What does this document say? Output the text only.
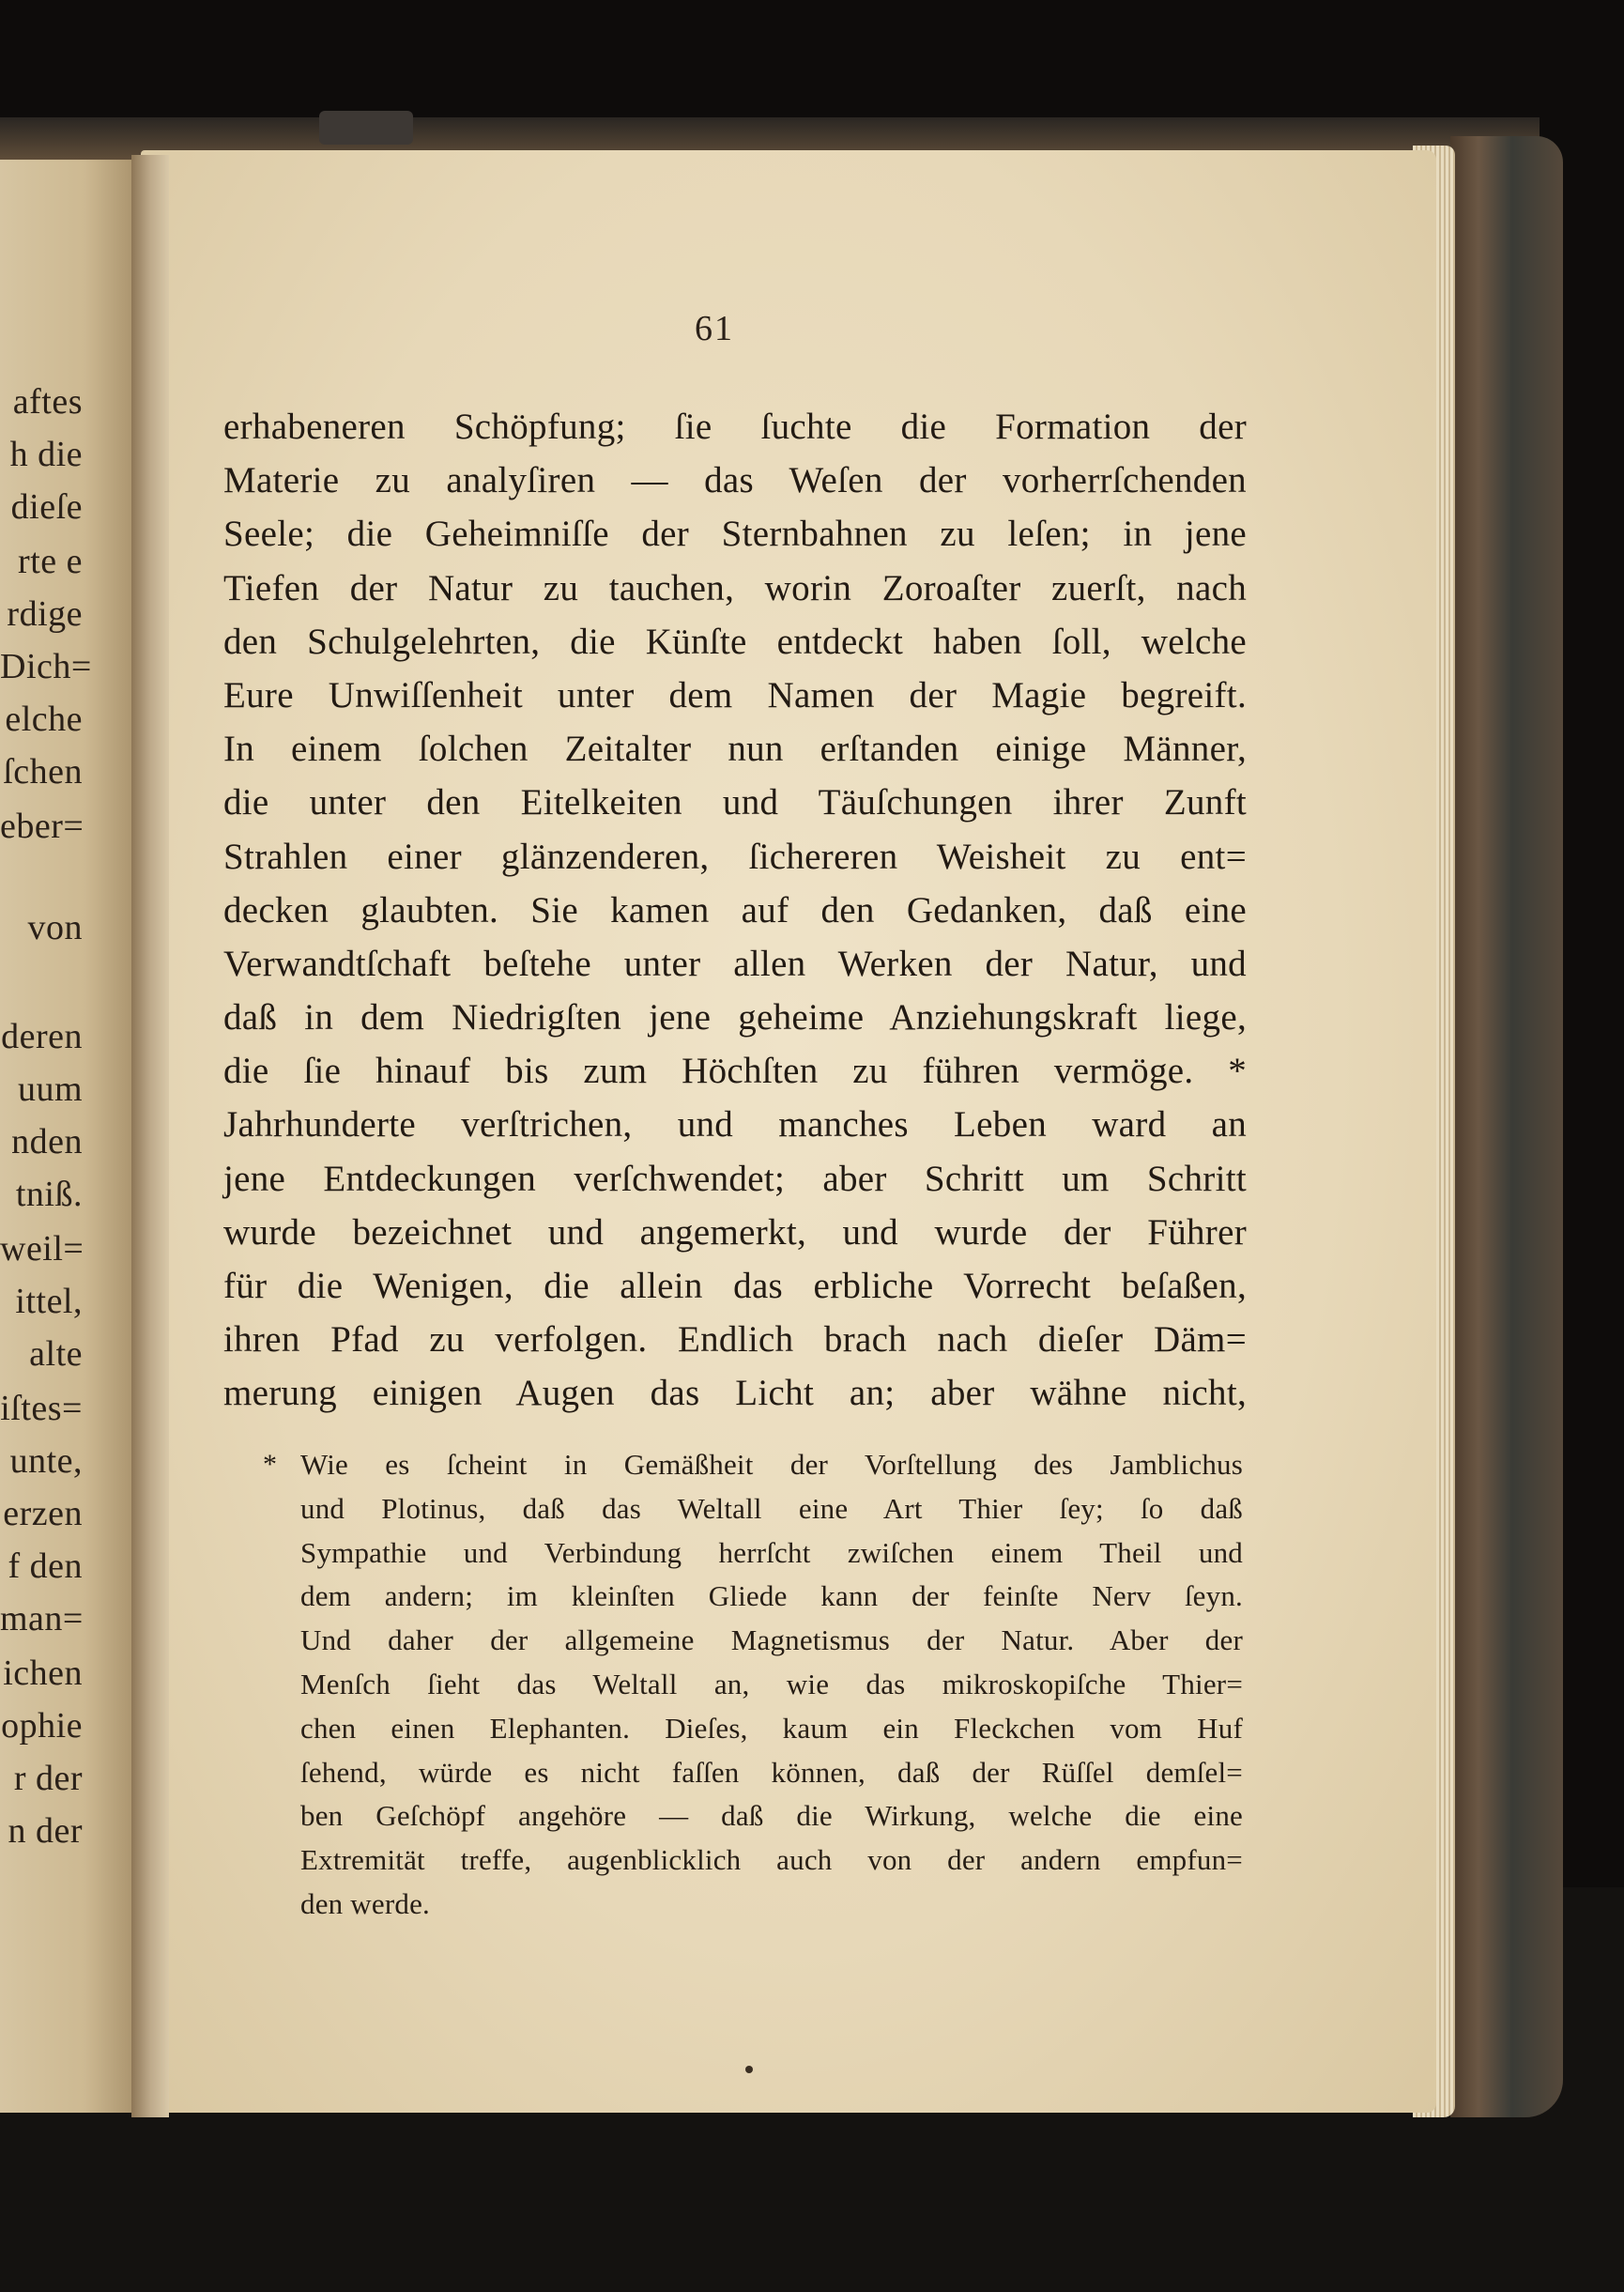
aftes
h die
dieſe
rte e
rdige
Dich=
elche
ſchen
eber=
von
deren
uum
nden
tniß.
weil=
ittel,
alte
iſtes=
unte,
erzen
f den
man=
ichen
ophie
r der
n der
61
erhabeneren Schöpfung; ſie ſuchte die Formation der
Materie zu analyſiren — das Weſen der vorherrſchenden
Seele; die Geheimniſſe der Sternbahnen zu leſen; in jene
Tiefen der Natur zu tauchen, worin Zoroaſter zuerſt, nach
den Schulgelehrten, die Künſte entdeckt haben ſoll, welche
Eure Unwiſſenheit unter dem Namen der Magie begreift.
In einem ſolchen Zeitalter nun erſtanden einige Männer,
die unter den Eitelkeiten und Täuſchungen ihrer Zunft
Strahlen einer glänzenderen, ſichereren Weisheit zu ent=
decken glaubten. Sie kamen auf den Gedanken, daß eine
Verwandtſchaft beſtehe unter allen Werken der Natur, und
daß in dem Niedrigſten jene geheime Anziehungskraft liege,
die ſie hinauf bis zum Höchſten zu führen vermöge. *
Jahrhunderte verſtrichen, und manches Leben ward an
jene Entdeckungen verſchwendet; aber Schritt um Schritt
wurde bezeichnet und angemerkt, und wurde der Führer
für die Wenigen, die allein das erbliche Vorrecht beſaßen,
ihren Pfad zu verfolgen. Endlich brach nach dieſer Däm=
merung einigen Augen das Licht an; aber wähne nicht,
* Wie es ſcheint in Gemäßheit der Vorſtellung des Jamblichus
und Plotinus, daß das Weltall eine Art Thier ſey; ſo daß
Sympathie und Verbindung herrſcht zwiſchen einem Theil und
dem andern; im kleinſten Gliede kann der feinſte Nerv ſeyn.
Und daher der allgemeine Magnetismus der Natur. Aber der
Menſch ſieht das Weltall an, wie das mikroskopiſche Thier=
chen einen Elephanten. Dieſes, kaum ein Fleckchen vom Huf
ſehend, würde es nicht faſſen können, daß der Rüſſel demſel=
ben Geſchöpf angehöre — daß die Wirkung, welche die eine
Extremität treffe, augenblicklich auch von der andern empfun=
den werde.
